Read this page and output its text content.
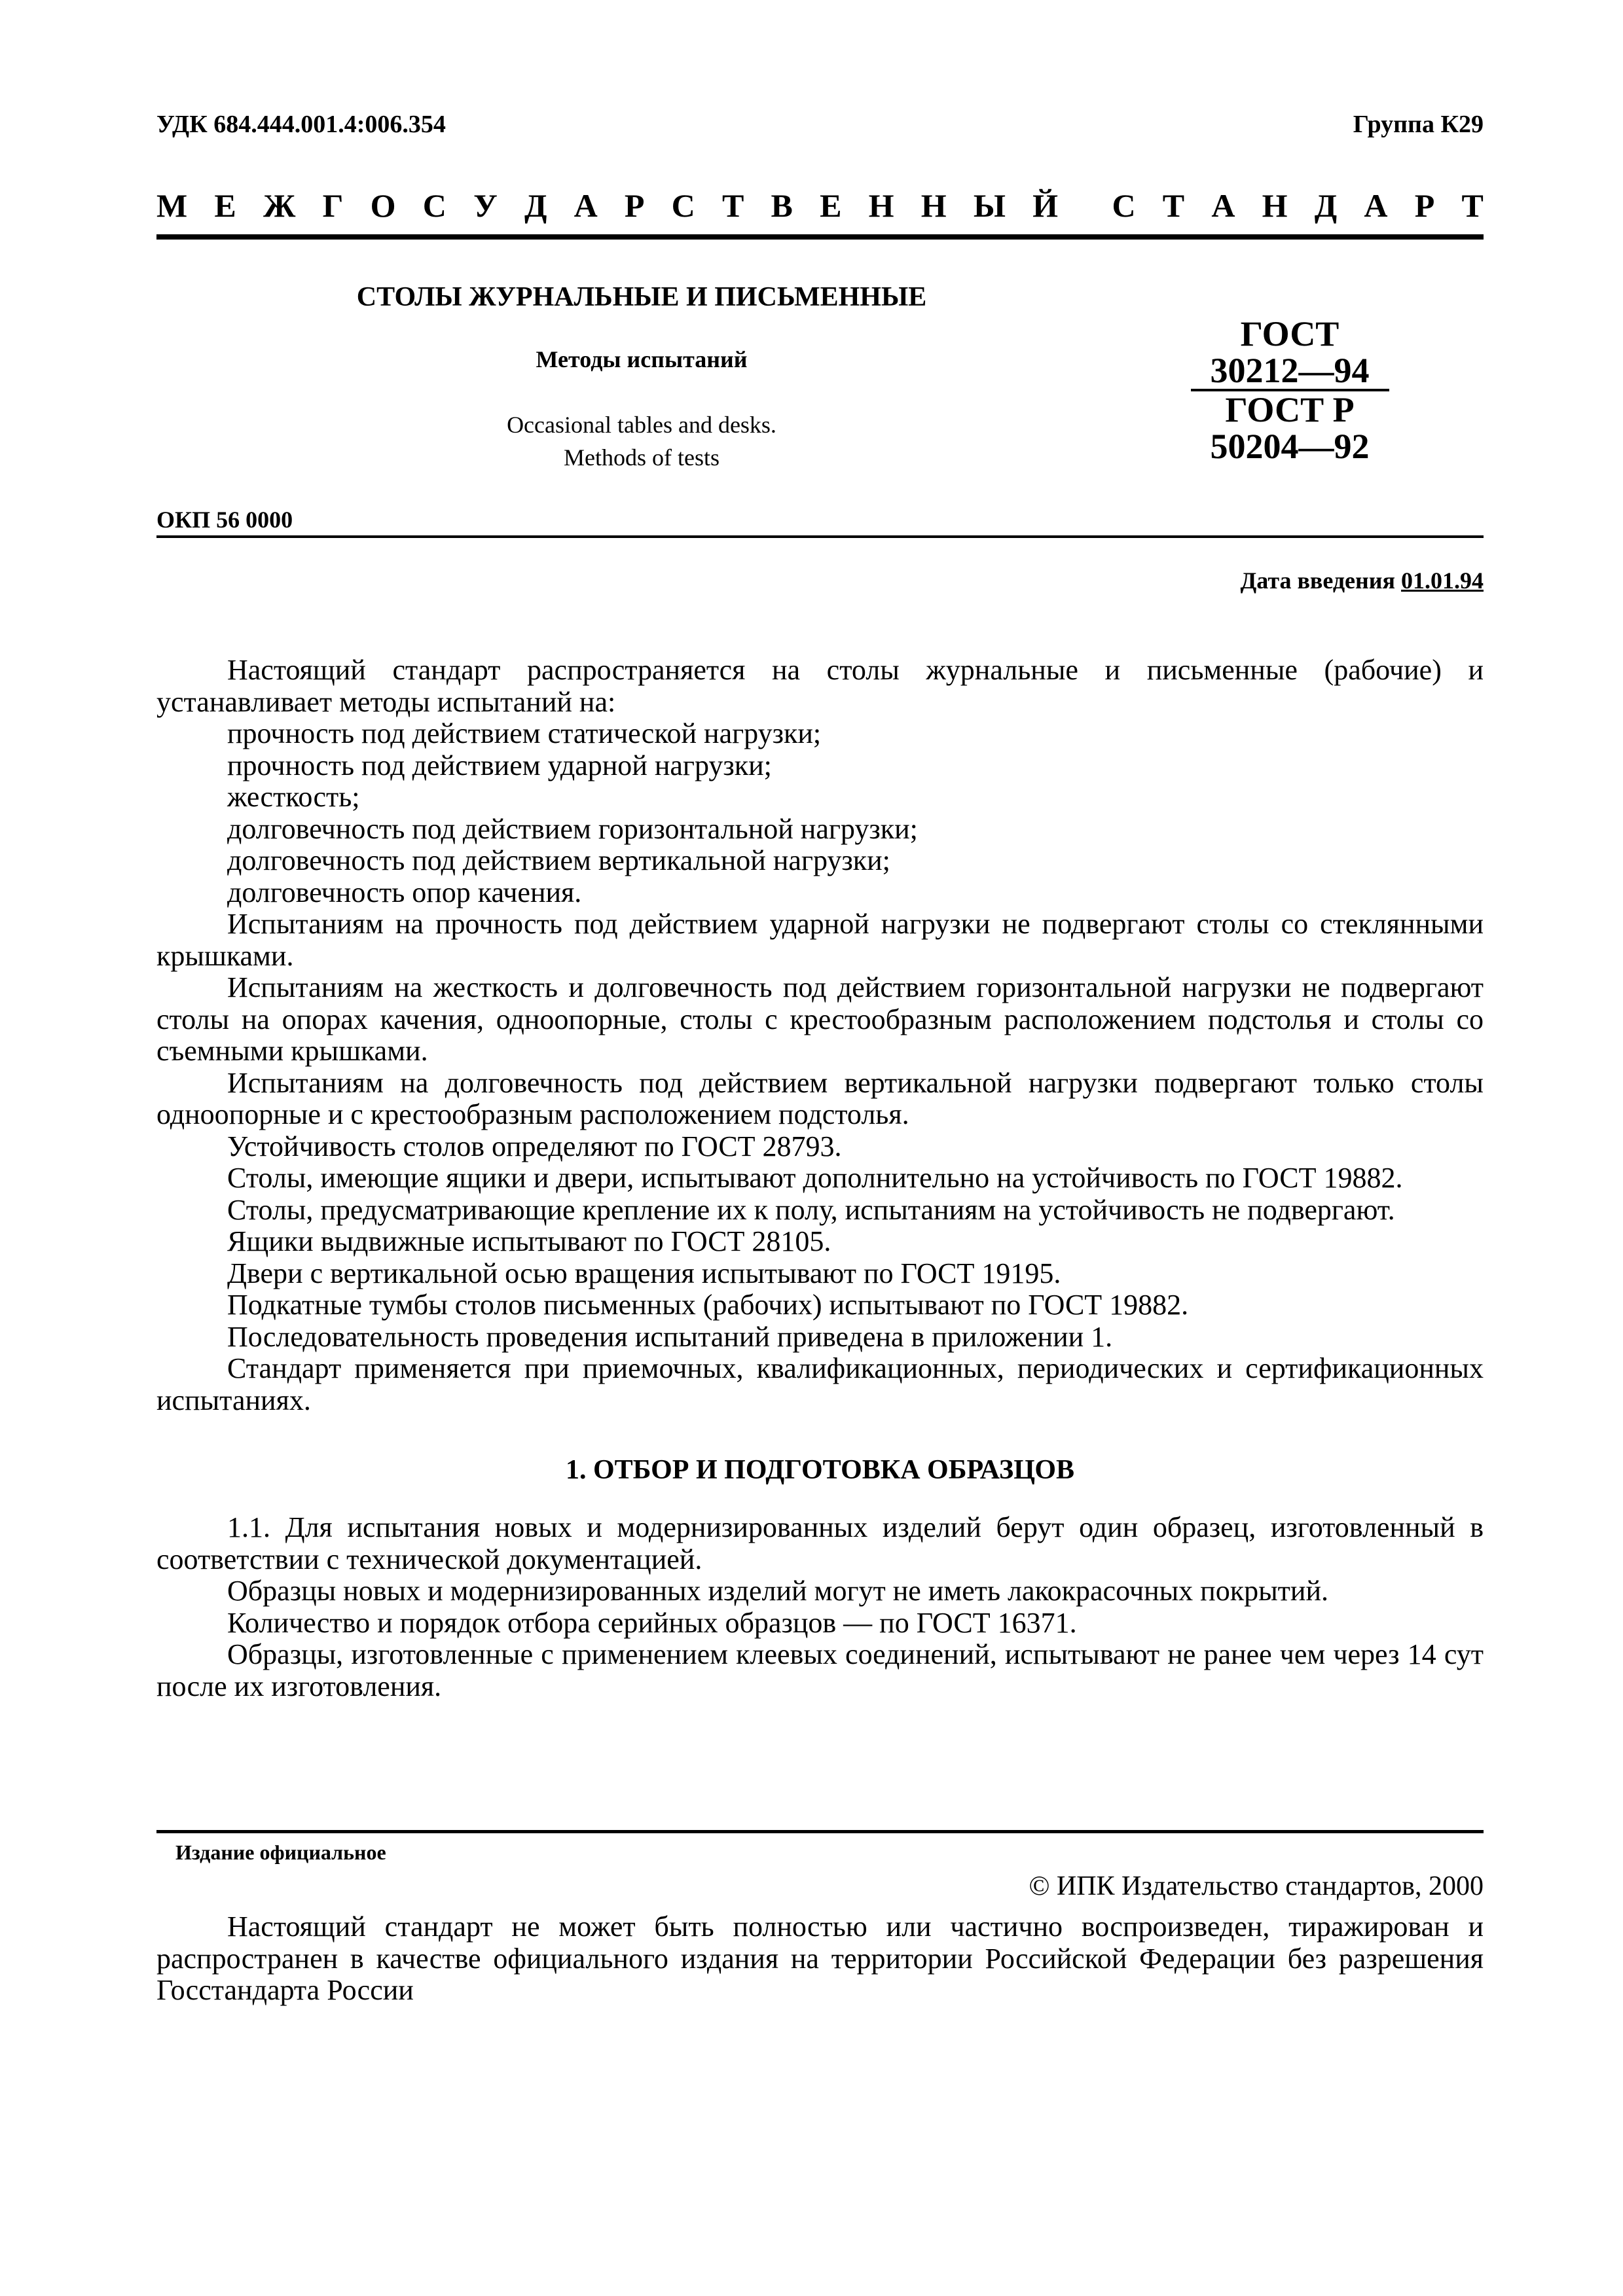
УДК 684.444.001.4:006.354	Группа К29
М Е Ж Г О С У Д А Р С Т В Е Н Н Ы Й С Т А Н Д А Р Т
СТОЛЫ ЖУРНАЛЬНЫЕ И ПИСЬМЕННЫЕ
Методы испытаний
Occasional tables and desks.
Methods of tests
ГОСТ
30212—94
ГОСТ Р
50204—92
ОКП 56 0000
Дата введения 01.01.94

Настоящий стандарт распространяется на столы журнальные и письменные (рабочие) и устанавливает методы испытаний на:

прочность под действием статической нагрузки;

прочность под действием ударной нагрузки;

жесткость;

долговечность под действием горизонтальной нагрузки;

долговечность под действием вертикальной нагрузки;

долговечность опор качения.

Испытаниям на прочность под действием ударной нагрузки не подвергают столы со стеклянными крышками.

Испытаниям на жесткость и долговечность под действием горизонтальной нагрузки не подвергают столы на опорах качения, одноопорные, столы с крестообразным расположением подстолья и столы со съемными крышками.

Испытаниям на долговечность под действием вертикальной нагрузки подвергают только столы одноопорные и с крестообразным расположением подстолья.

Устойчивость столов определяют по ГОСТ 28793.

Столы, имеющие ящики и двери, испытывают дополнительно на устойчивость по ГОСТ 19882.

Столы, предусматривающие крепление их к полу, испытаниям на устойчивость не подвергают.

Ящики выдвижные испытывают по ГОСТ 28105.

Двери с вертикальной осью вращения испытывают по ГОСТ 19195.

Подкатные тумбы столов письменных (рабочих) испытывают по ГОСТ 19882.

Последовательность проведения испытаний приведена в приложении 1.

Стандарт применяется при приемочных, квалификационных, периодических и сертификационных испытаниях.

1. ОТБОР И ПОДГОТОВКА ОБРАЗЦОВ

1.1. Для испытания новых и модернизированных изделий берут один образец, изготовленный в соответствии с технической документацией.

Образцы новых и модернизированных изделий могут не иметь лакокрасочных покрытий.

Количество и порядок отбора серийных образцов — по ГОСТ 16371.

Образцы, изготовленные с применением клеевых соединений, испытывают не ранее чем через 14 сут после их изготовления.

Издание официальное
© ИПК Издательство стандартов, 2000

Настоящий стандарт не может быть полностью или частично воспроизведен, тиражирован и распространен в качестве официального издания на территории Российской Федерации без разрешения Госстандарта России
